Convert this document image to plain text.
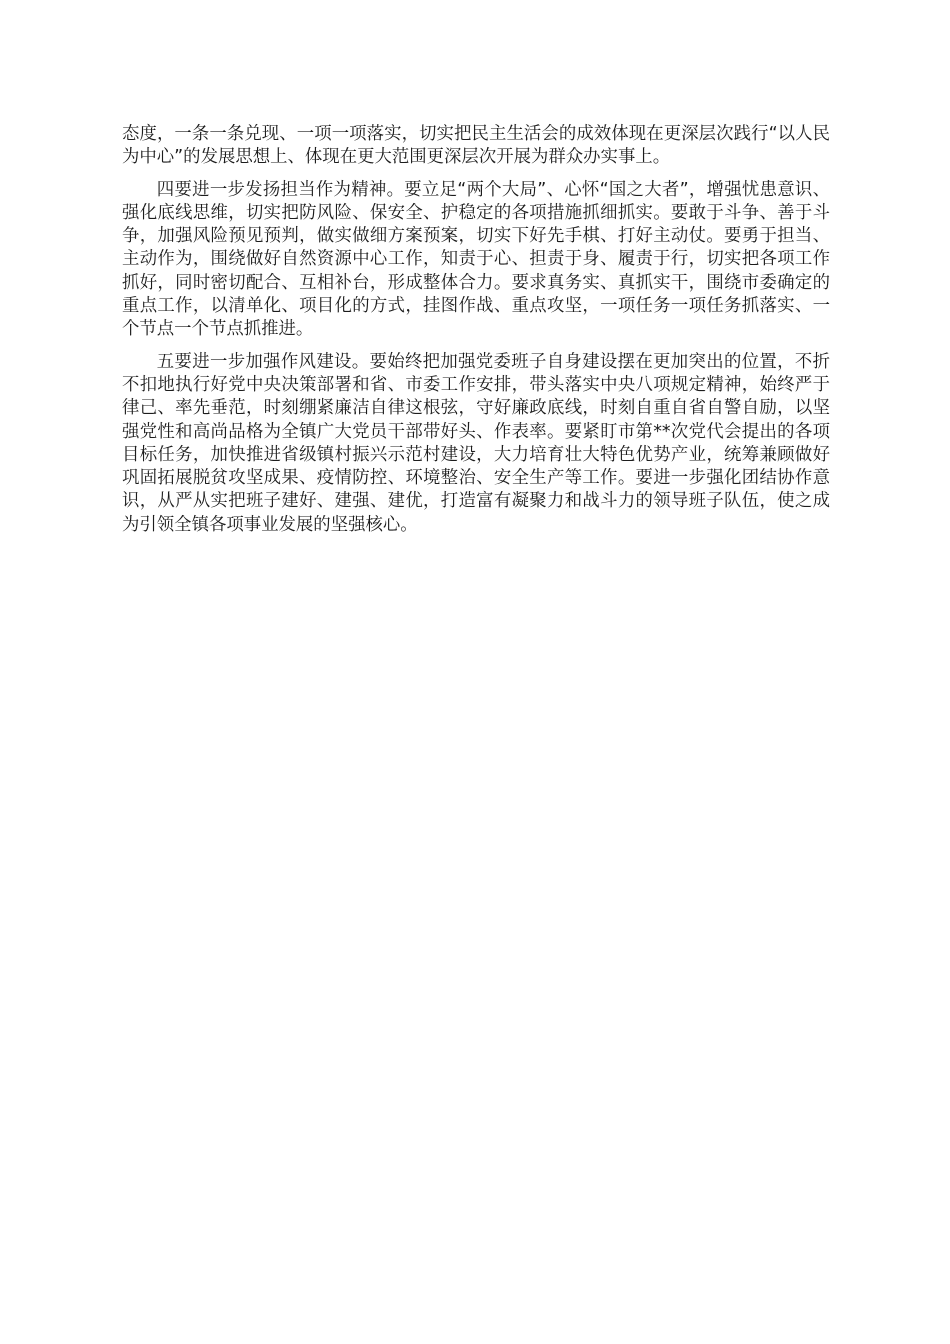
态度，一条一条兑现、一项一项落实，切实把民主生活会的成效体现在更深层次践行“以人民为中心”的发展思想上、体现在更大范围更深层次开展为群众办实事上。

四要进一步发扬担当作为精神。要立足“两个大局”、心怀“国之大者”，增强忧患意识、强化底线思维，切实把防风险、保安全、护稳定的各项措施抓细抓实。要敢于斗争、善于斗争，加强风险预见预判，做实做细方案预案，切实下好先手棋、打好主动仗。要勇于担当、主动作为，围绕做好自然资源中心工作，知责于心、担责于身、履责于行，切实把各项工作抓好，同时密切配合、互相补台，形成整体合力。要求真务实、真抓实干，围绕市委确定的重点工作，以清单化、项目化的方式，挂图作战、重点攻坚，一项任务一项任务抓落实、一个节点一个节点抓推进。

五要进一步加强作风建设。要始终把加强党委班子自身建设摆在更加突出的位置，不折不扣地执行好党中央决策部署和省、市委工作安排，带头落实中央八项规定精神，始终严于律己、率先垂范，时刻绷紧廉洁自律这根弦，守好廉政底线，时刻自重自省自警自励，以坚强党性和高尚品格为全镇广大党员干部带好头、作表率。要紧盯市第**次党代会提出的各项目标任务，加快推进省级镇村振兴示范村建设，大力培育壮大特色优势产业，统筹兼顾做好巩固拓展脱贫攻坚成果、疫情防控、环境整治、安全生产等工作。要进一步强化团结协作意识，从严从实把班子建好、建强、建优，打造富有凝聚力和战斗力的领导班子队伍，使之成为引领全镇各项事业发展的坚强核心。
